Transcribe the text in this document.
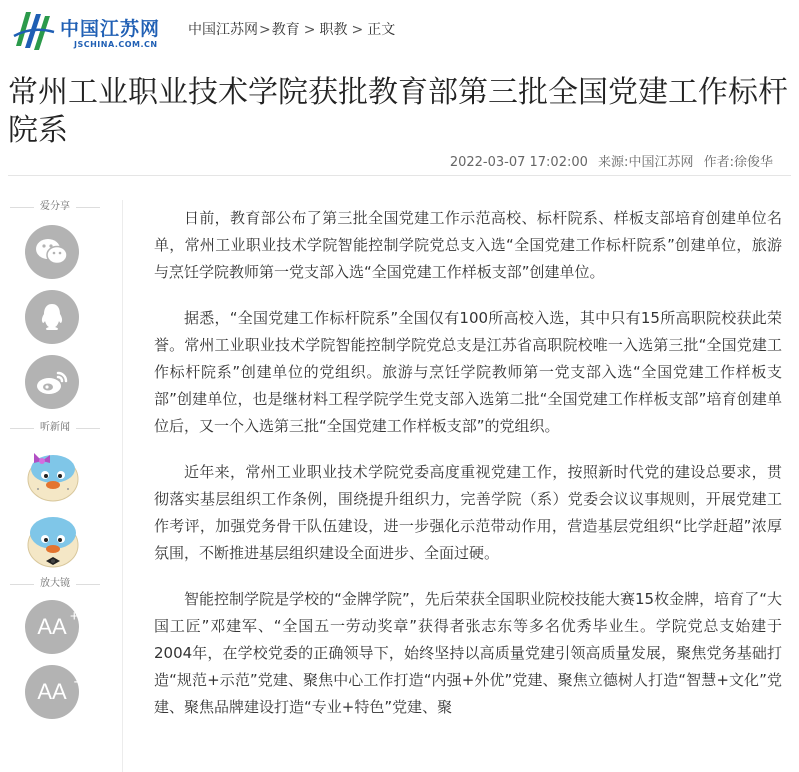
中国江苏网
JSCHINA.COM.CN
中国江苏网>教育>职教>正文
常州工业职业技术学院获批教育部第三批全国党建工作标杆院系
2022-03-07 17:02:00 来源:中国江苏网 作者:徐俊华
爱分享
听新闻
放大镜
AA +
AA -

日前，教育部公布了第三批全国党建工作示范高校、标杆院系、样板支部培育创建单位名单，常州工业职业技术学院智能控制学院党总支入选“全国党建工作标杆院系”创建单位，旅游与烹饪学院教师第一党支部入选“全国党建工作样板支部”创建单位。

据悉，“全国党建工作标杆院系”全国仅有100所高校入选，其中只有15所高职院校获此荣誉。常州工业职业技术学院智能控制学院党总支是江苏省高职院校唯一入选第三批“全国党建工作标杆院系”创建单位的党组织。旅游与烹饪学院教师第一党支部入选“全国党建工作样板支部”创建单位，也是继材料工程学院学生党支部入选第二批“全国党建工作样板支部”培育创建单位后，又一个入选第三批“全国党建工作样板支部”的党组织。

近年来，常州工业职业技术学院党委高度重视党建工作，按照新时代党的建设总要求，贯彻落实基层组织工作条例，围绕提升组织力，完善学院（系）党委会议议事规则，开展党建工作考评，加强党务骨干队伍建设，进一步强化示范带动作用，营造基层党组织“比学赶超”浓厚氛围，不断推进基层组织建设全面进步、全面过硬。

智能控制学院是学校的“金牌学院”，先后荣获全国职业院校技能大赛15枚金牌，培育了“大国工匠”邓建军、“全国五一劳动奖章”获得者张志东等多名优秀毕业生。学院党总支始建于2004年，在学校党委的正确领导下，始终坚持以高质量党建引领高质量发展，聚焦党务基础打造“规范+示范”党建、聚焦中心工作打造“内强+外优”党建、聚焦立德树人打造“智慧+文化”党建、聚焦品牌建设打造“专业+特色”党建、聚
